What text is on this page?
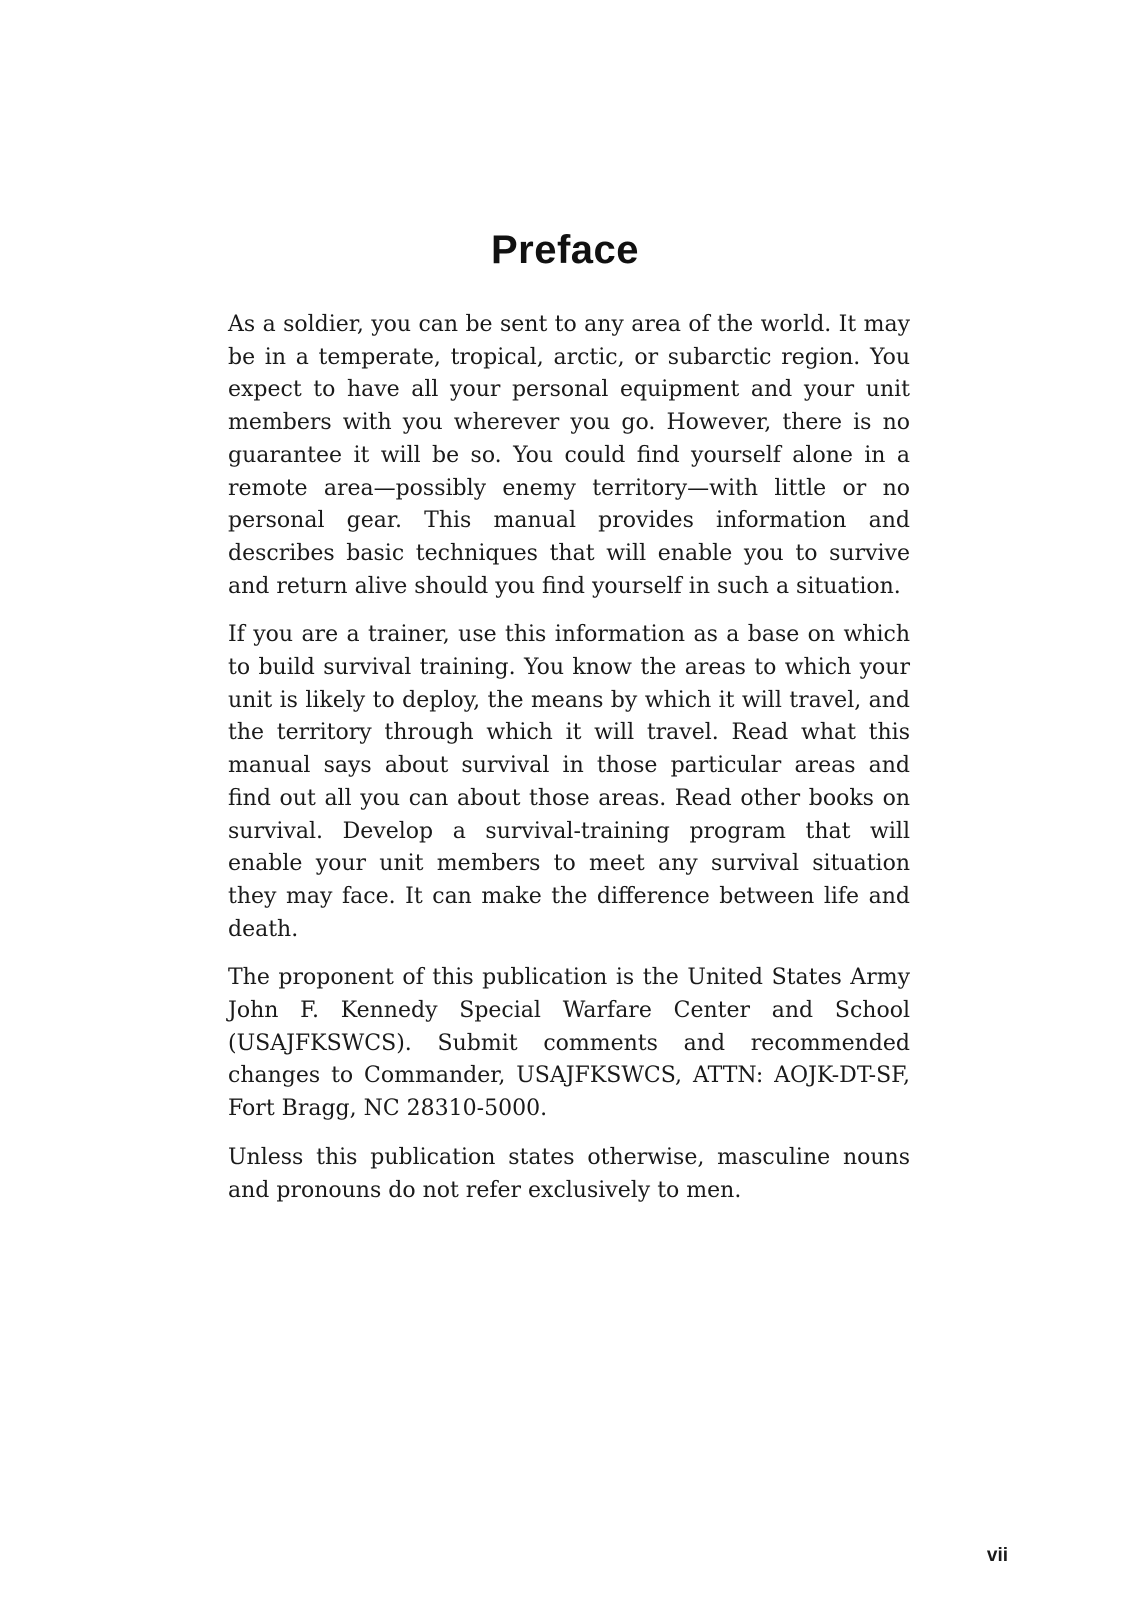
Preface

As a soldier, you can be sent to any area of the world. It may be in a temperate, tropical, arctic, or subarctic region. You expect to have all your personal equipment and your unit members with you wherever you go. However, there is no guarantee it will be so. You could find yourself alone in a remote area—possibly enemy territory—with little or no personal gear. This manual provides information and describes basic techniques that will enable you to survive and return alive should you find yourself in such a situation.

If you are a trainer, use this information as a base on which to build survival training. You know the areas to which your unit is likely to deploy, the means by which it will travel, and the territory through which it will travel. Read what this manual says about survival in those particular areas and find out all you can about those areas. Read other books on survival. Develop a survival-training program that will enable your unit members to meet any survival situation they may face. It can make the difference between life and death.

The proponent of this publication is the United States Army John F. Kennedy Special Warfare Center and School (USAJFKSWCS). Submit comments and recommended changes to Commander, USAJFKSWCS, ATTN: AOJK-DT-SF, Fort Bragg, NC 28310-5000.

Unless this publication states otherwise, masculine nouns and pronouns do not refer exclusively to men.

vii
